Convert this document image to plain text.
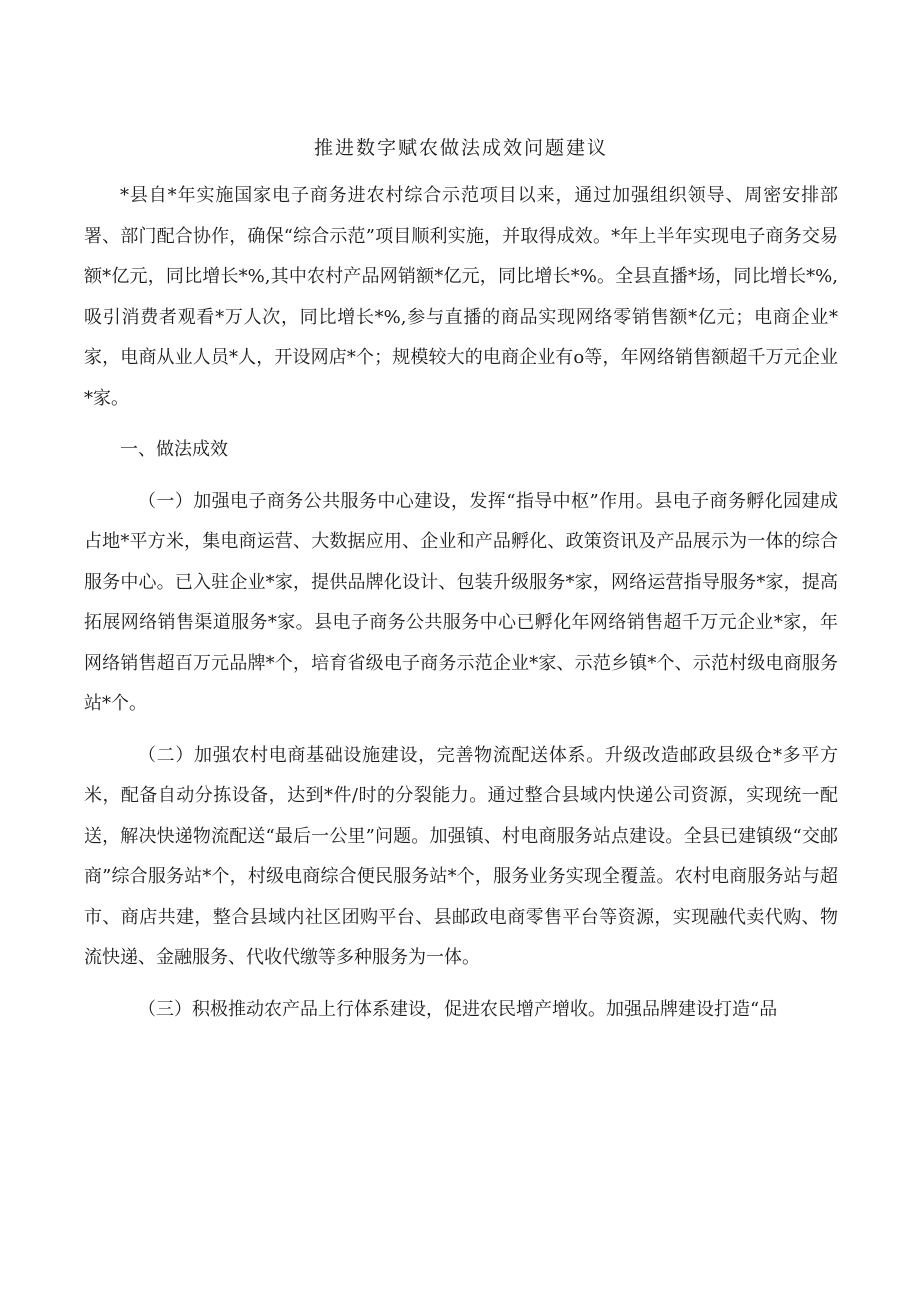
推进数字赋农做法成效问题建议

*县自*年实施国家电子商务进农村综合示范项目以来，通过加强组织领导、周密安排部署、部门配合协作，确保“综合示范”项目顺利实施，并取得成效。*年上半年实现电子商务交易额*亿元，同比增长*%,其中农村产品网销额*亿元，同比增长*%。全县直播*场，同比增长*%,吸引消费者观看*万人次，同比增长*%,参与直播的商品实现网络零销售额*亿元；电商企业*家，电商从业人员*人，开设网店*个；规模较大的电商企业有o等，年网络销售额超千万元企业*家。

一、做法成效

（一）加强电子商务公共服务中心建设，发挥“指导中枢”作用。县电子商务孵化园建成占地*平方米，集电商运营、大数据应用、企业和产品孵化、政策资讯及产品展示为一体的综合服务中心。已入驻企业*家，提供品牌化设计、包装升级服务*家，网络运营指导服务*家，提高拓展网络销售渠道服务*家。县电子商务公共服务中心已孵化年网络销售超千万元企业*家，年网络销售超百万元品牌*个，培育省级电子商务示范企业*家、示范乡镇*个、示范村级电商服务站*个。

（二）加强农村电商基础设施建设，完善物流配送体系。升级改造邮政县级仓*多平方米，配备自动分拣设备，达到*件/时的分裂能力。通过整合县域内快递公司资源，实现统一配送，解决快递物流配送“最后一公里”问题。加强镇、村电商服务站点建设。全县已建镇级“交邮商”综合服务站*个，村级电商综合便民服务站*个，服务业务实现全覆盖。农村电商服务站与超市、商店共建，整合县域内社区团购平台、县邮政电商零售平台等资源，实现融代卖代购、物流快递、金融服务、代收代缴等多种服务为一体。

（三）积极推动农产品上行体系建设，促进农民增产增收。加强品牌建设打造“品
